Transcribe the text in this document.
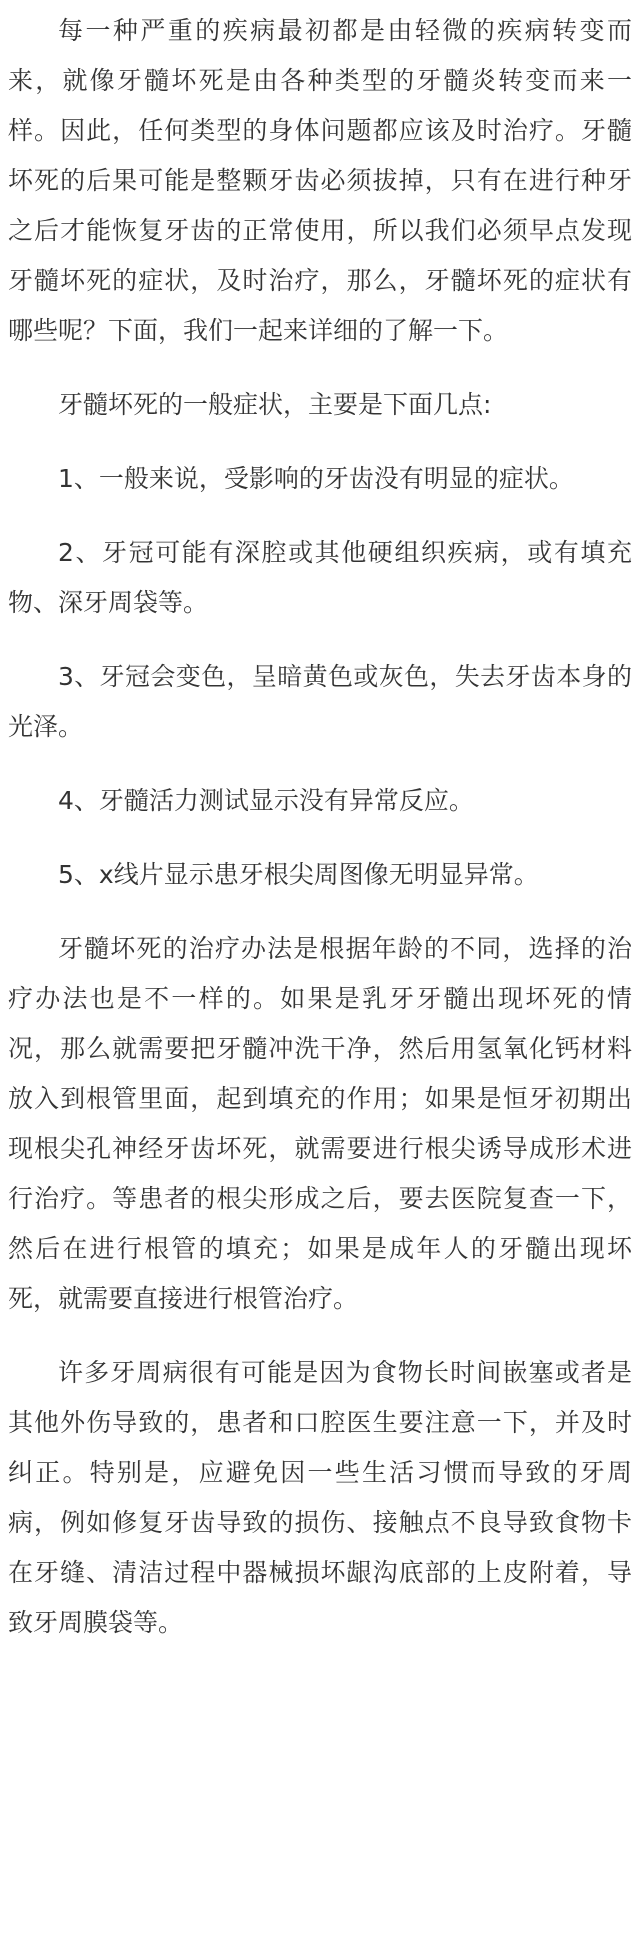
每一种严重的疾病最初都是由轻微的疾病转变而来，就像牙髓坏死是由各种类型的牙髓炎转变而来一样。因此，任何类型的身体问题都应该及时治疗。牙髓坏死的后果可能是整颗牙齿必须拔掉，只有在进行种牙之后才能恢复牙齿的正常使用，所以我们必须早点发现牙髓坏死的症状，及时治疗，那么，牙髓坏死的症状有哪些呢？下面，我们一起来详细的了解一下。

牙髓坏死的一般症状，主要是下面几点:

1、一般来说，受影响的牙齿没有明显的症状。

2、牙冠可能有深腔或其他硬组织疾病，或有填充物、深牙周袋等。

3、牙冠会变色，呈暗黄色或灰色，失去牙齿本身的光泽。

4、牙髓活力测试显示没有异常反应。

5、x线片显示患牙根尖周图像无明显异常。

牙髓坏死的治疗办法是根据年龄的不同，选择的治疗办法也是不一样的。如果是乳牙牙髓出现坏死的情况，那么就需要把牙髓冲洗干净，然后用氢氧化钙材料放入到根管里面，起到填充的作用；如果是恒牙初期出现根尖孔神经牙齿坏死，就需要进行根尖诱导成形术进行治疗。等患者的根尖形成之后，要去医院复查一下，然后在进行根管的填充；如果是成年人的牙髓出现坏死，就需要直接进行根管治疗。

许多牙周病很有可能是因为食物长时间嵌塞或者是其他外伤导致的，患者和口腔医生要注意一下，并及时纠正。特别是，应避免因一些生活习惯而导致的牙周病，例如修复牙齿导致的损伤、接触点不良导致食物卡在牙缝、清洁过程中器械损坏龈沟底部的上皮附着，导致牙周膜袋等。
